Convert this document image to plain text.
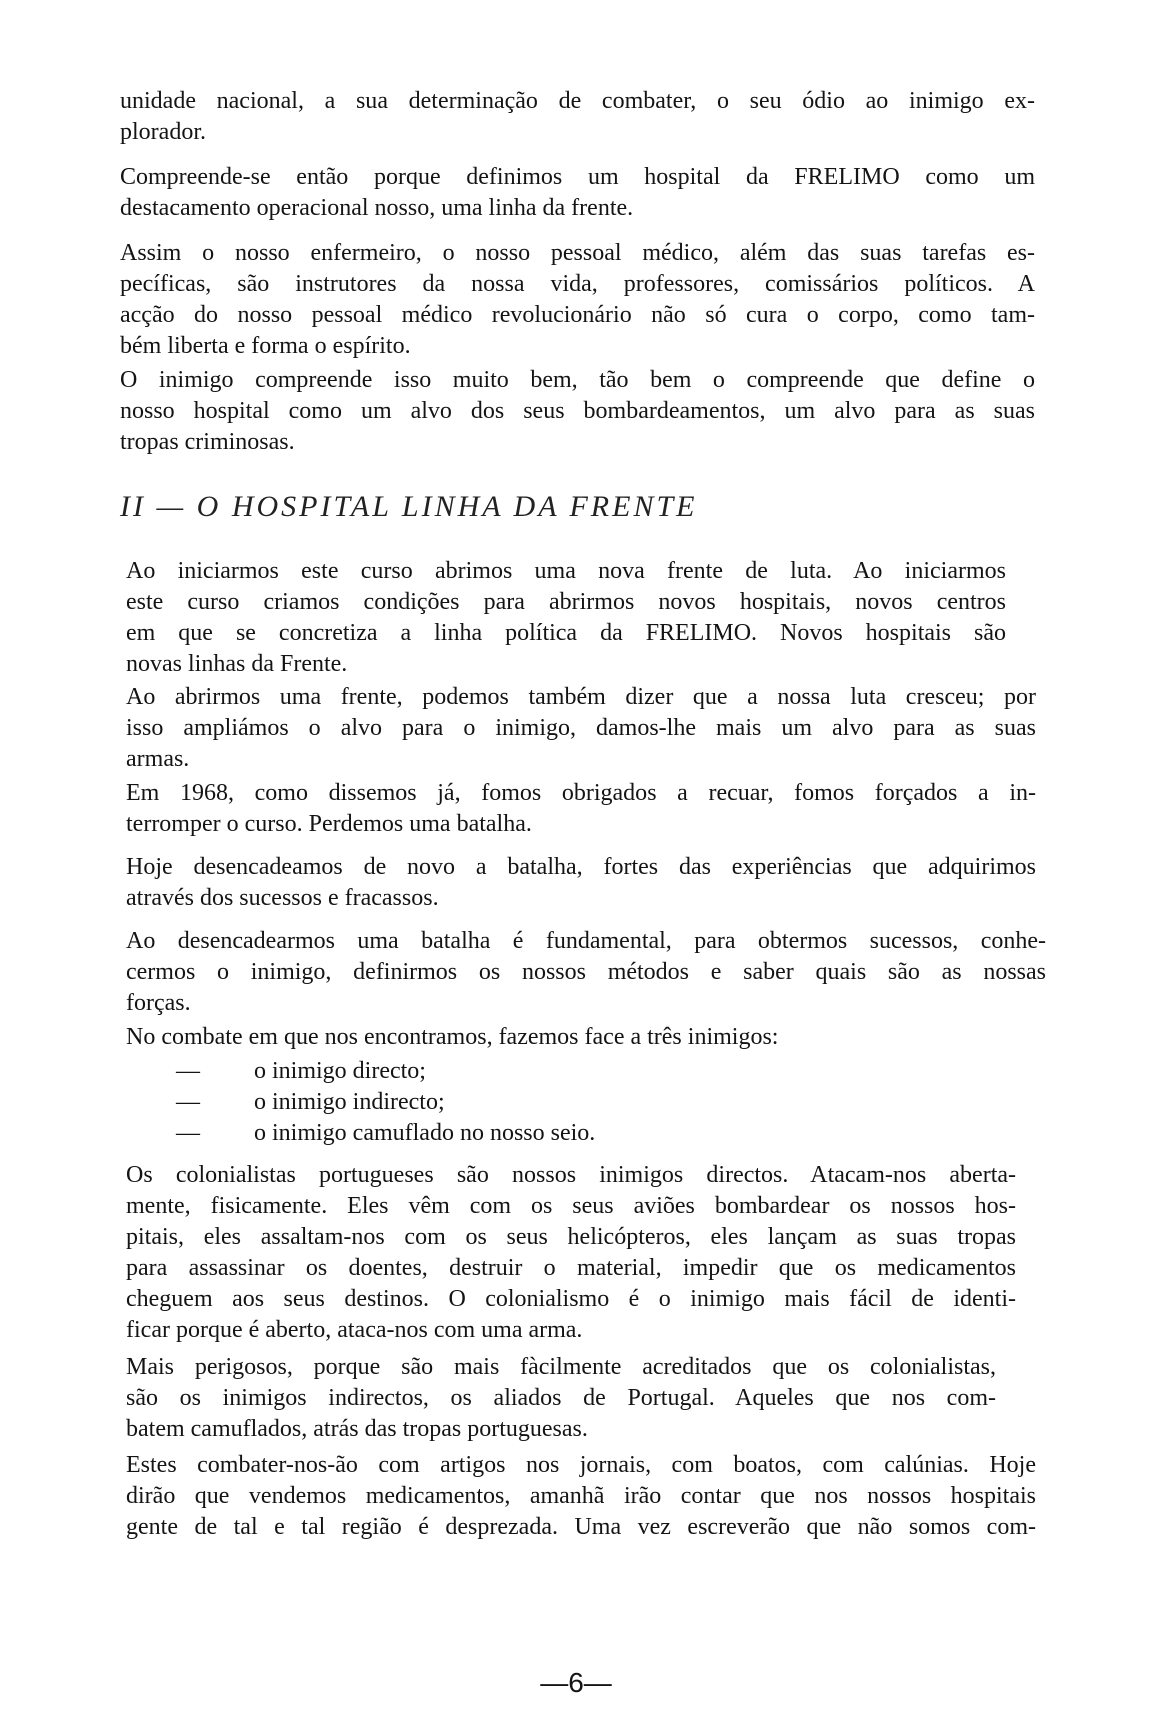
unidade nacional, a sua determinação de combater, o seu ódio ao inimigo ex-
plorador.
Compreende-se então porque definimos um hospital da FRELIMO como um
destacamento operacional nosso, uma linha da frente.
Assim o nosso enfermeiro, o nosso pessoal médico, além das suas tarefas es-
pecíficas, são instrutores da nossa vida, professores, comissários políticos. A
acção do nosso pessoal médico revolucionário não só cura o corpo, como tam-
bém liberta e forma o espírito.
O inimigo compreende isso muito bem, tão bem o compreende que define o
nosso hospital como um alvo dos seus bombardeamentos, um alvo para as suas
tropas criminosas.
II — O HOSPITAL LINHA DA FRENTE
Ao iniciarmos este curso abrimos uma nova frente de luta. Ao iniciarmos
este curso criamos condições para abrirmos novos hospitais, novos centros
em que se concretiza a linha política da FRELIMO. Novos hospitais são
novas linhas da Frente.
Ao abrirmos uma frente, podemos também dizer que a nossa luta cresceu; por
isso ampliámos o alvo para o inimigo, damos-lhe mais um alvo para as suas
armas.
Em 1968, como dissemos já, fomos obrigados a recuar, fomos forçados a in-
terromper o curso. Perdemos uma batalha.
Hoje desencadeamos de novo a batalha, fortes das experiências que adquirimos
através dos sucessos e fracassos.
Ao desencadearmos uma batalha é fundamental, para obtermos sucessos, conhe-
cermos o inimigo, definirmos os nossos métodos e saber quais são as nossas
forças.
No combate em que nos encontramos, fazemos face a três inimigos:
— o inimigo directo;
— o inimigo indirecto;
— o inimigo camuflado no nosso seio.
Os colonialistas portugueses são nossos inimigos directos. Atacam-nos aberta-
mente, fisicamente. Eles vêm com os seus aviões bombardear os nossos hos-
pitais, eles assaltam-nos com os seus helicópteros, eles lançam as suas tropas
para assassinar os doentes, destruir o material, impedir que os medicamentos
cheguem aos seus destinos. O colonialismo é o inimigo mais fácil de identi-
ficar porque é aberto, ataca-nos com uma arma.
Mais perigosos, porque são mais fàcilmente acreditados que os colonialistas,
são os inimigos indirectos, os aliados de Portugal. Aqueles que nos com-
batem camuflados, atrás das tropas portuguesas.
Estes combater-nos-ão com artigos nos jornais, com boatos, com calúnias. Hoje
dirão que vendemos medicamentos, amanhã irão contar que nos nossos hospitais
gente de tal e tal região é desprezada. Uma vez escreverão que não somos com-
—6—
